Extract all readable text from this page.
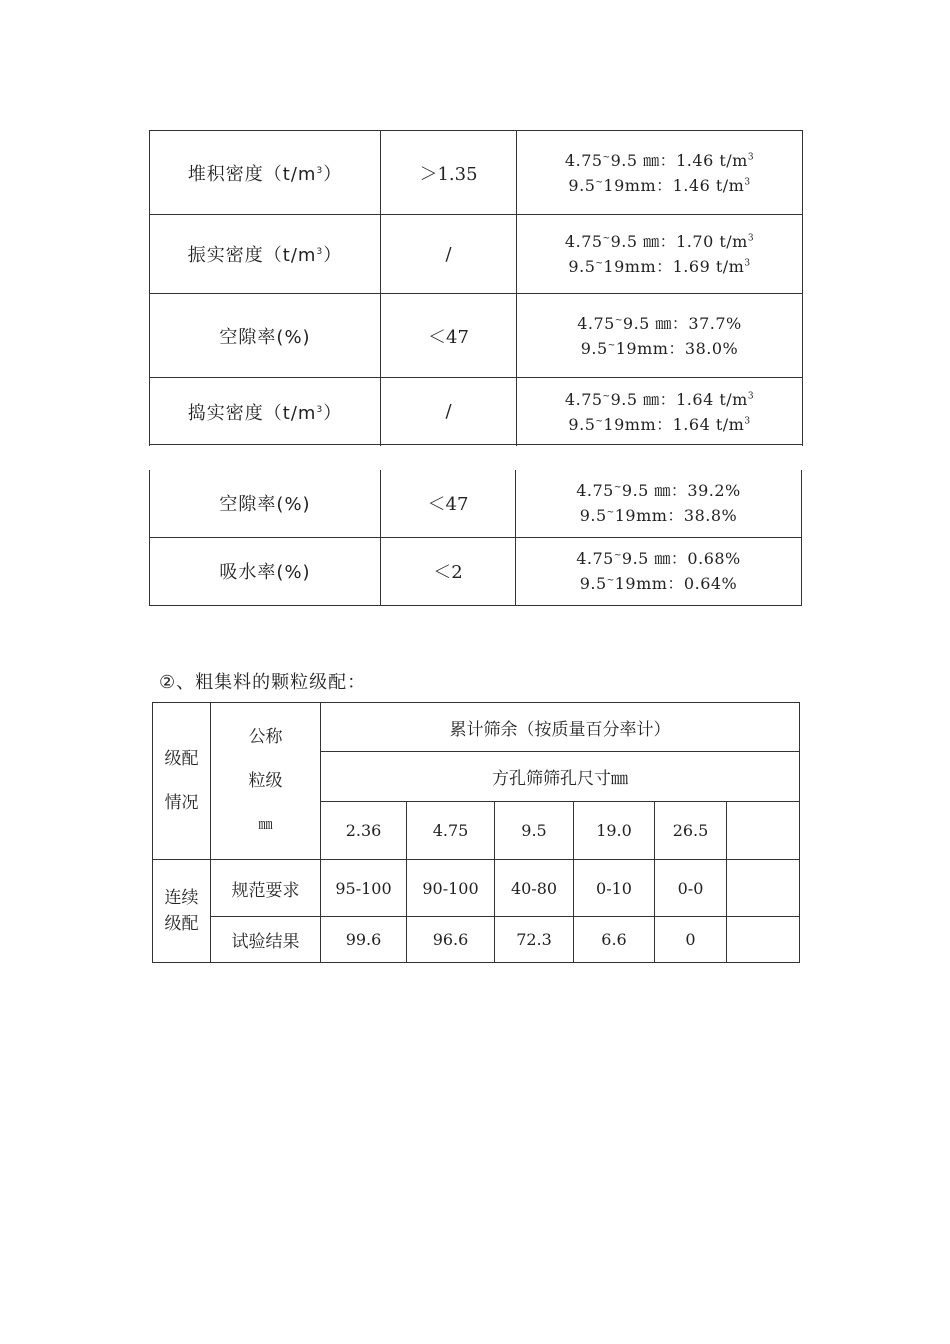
堆积密度$(t/m^3)$	＞1.35	4.75~9.5 ㎜：1.46 $t/m^3$
9.5~19mm：1.46 $t/m^3$

振实密度$(t/m^3)$	/	4.75~9.5 ㎜：1.70 $t/m^3$
9.5~19mm：1.69 $t/m^3$

空隙率(%)	＜47	4.75~9.5 ㎜：37.7%
9.5~19mm：38.0%

捣实密度$(t/m^3)$	/	4.75~9.5 ㎜：1.64 $t/m^3$
9.5~19mm：1.64 $t/m^3$
空隙率(%)	＜47	4.75~9.5 ㎜：39.2%
9.5~19mm：38.8%

吸水率(%)	＜2	4.75~9.5 ㎜：0.68%
9.5~19mm：0.64%
②、粗集料的颗粒级配：
级配
情况	公称
粒级
㎜	累计筛余（按质量百分率计）					
		方孔筛筛孔尺寸㎜					
		2.36	4.75	9.5	19.0	26.5	

连续
级配	规范要求	95-100	90-100	40-80	0-10	0-0	
	试验结果	99.6	96.6	72.3	6.6	0	
